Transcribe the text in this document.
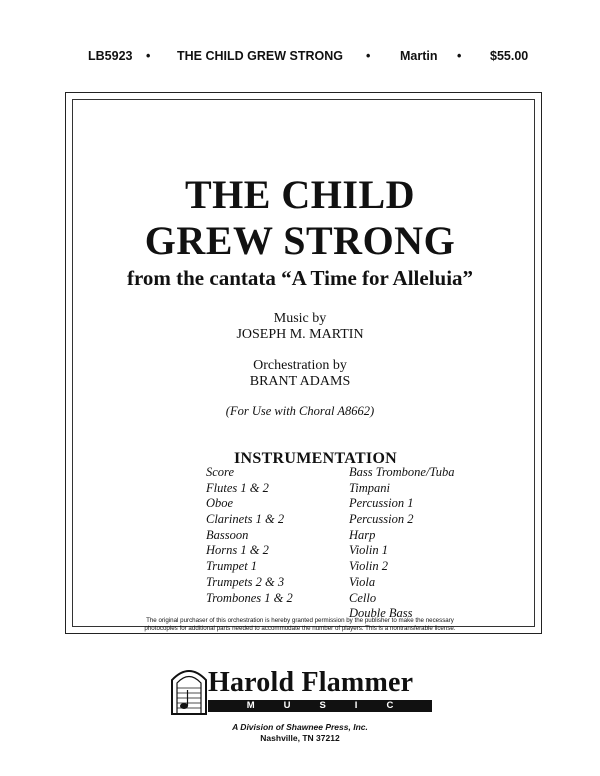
LB5923 • THE CHILD GREW STRONG • Martin • $55.00
THE CHILD
GREW STRONG
from the cantata “A Time for Alleluia”
Music by
JOSEPH M. MARTIN
Orchestration by
BRANT ADAMS
(For Use with Choral A8662)
INSTRUMENTATION
Score
Flutes 1 & 2
Oboe
Clarinets 1 & 2
Bassoon
Horns 1 & 2
Trumpet 1
Trumpets 2 & 3
Trombones 1 & 2
Bass Trombone/Tuba
Timpani
Percussion 1
Percussion 2
Harp
Violin 1
Violin 2
Viola
Cello
Double Bass
The original purchaser of this orchestration is hereby granted permission by the publisher to make the necessary
photocopies for additional parts needed to accommodate the number of players. This is a nontransferable license.
Harold Flammer
MUSIC
A Division of Shawnee Press, Inc.
Nashville, TN 37212
